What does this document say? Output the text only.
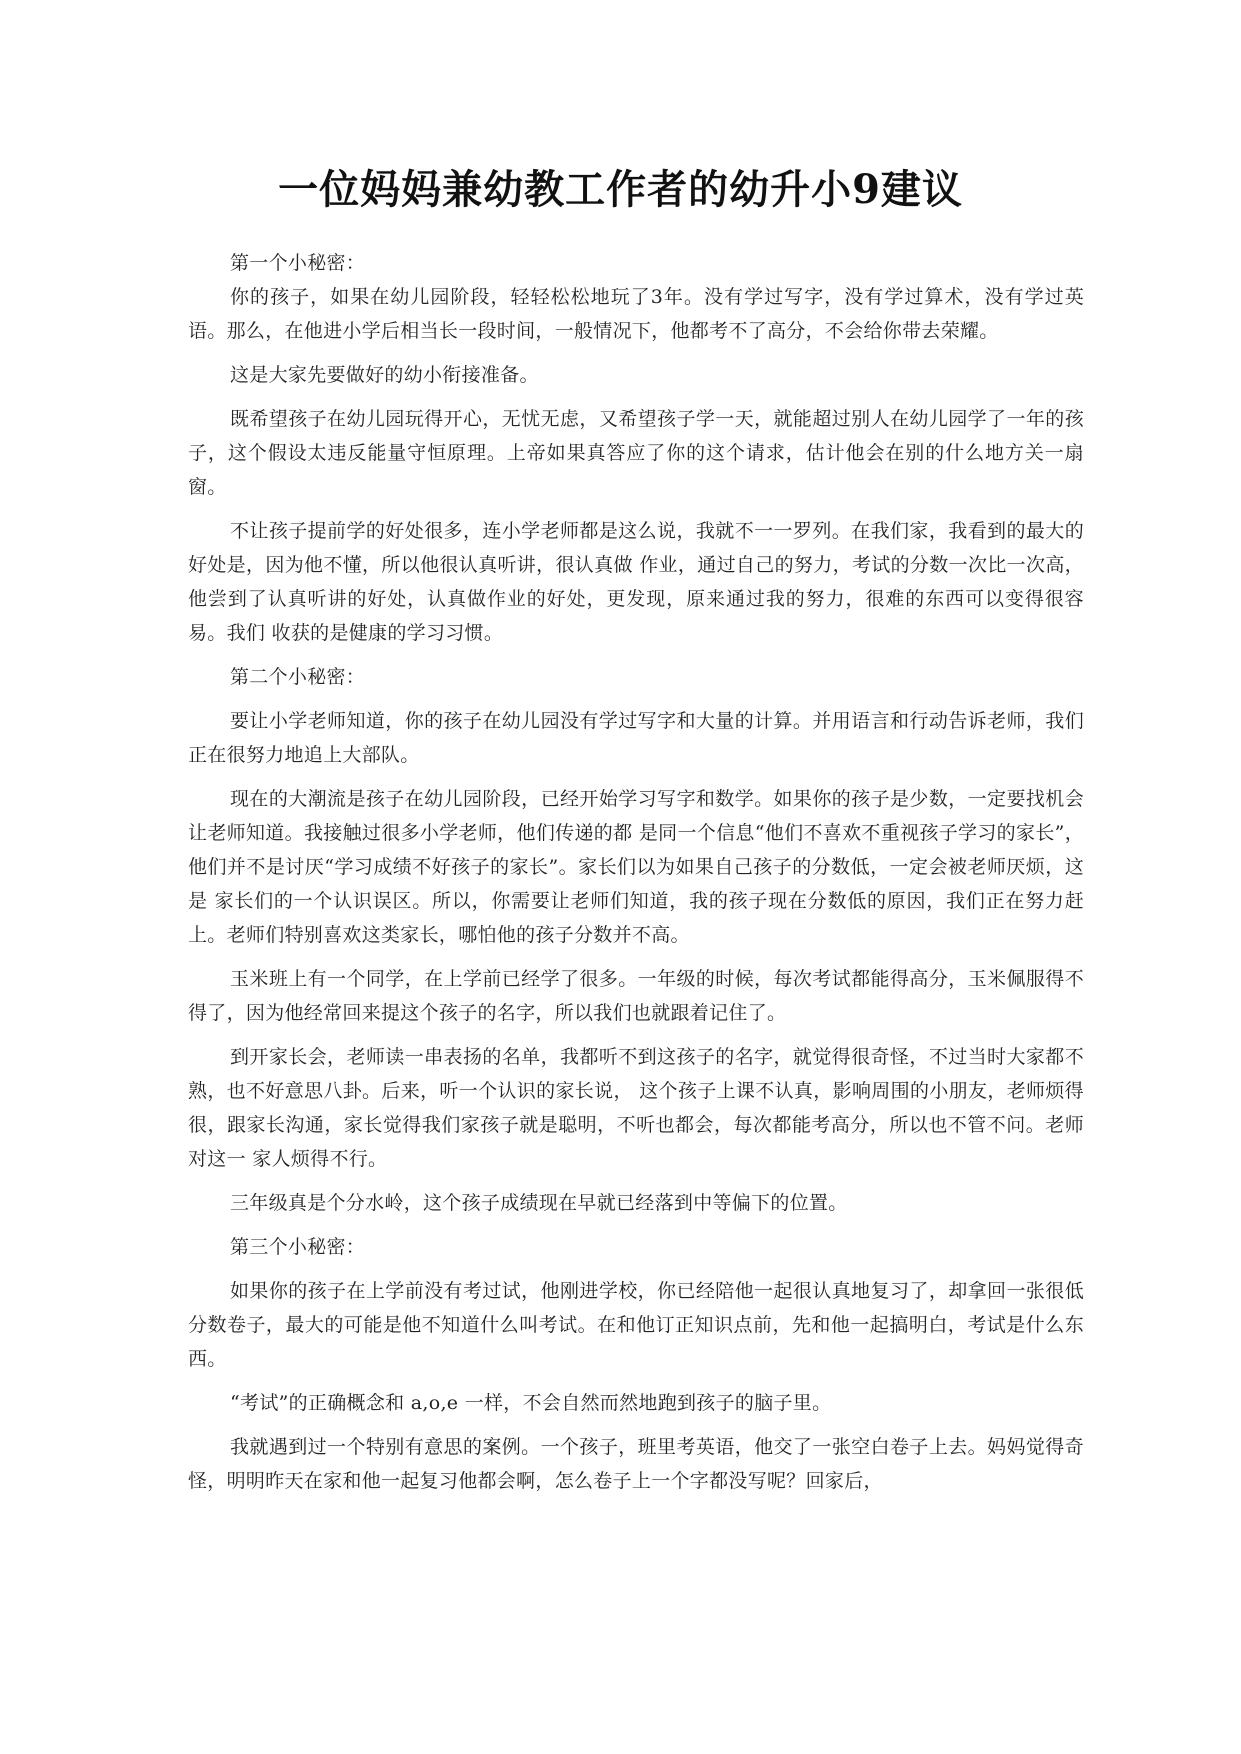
一位妈妈兼幼教工作者的幼升小9建议

第一个小秘密：

你的孩子，如果在幼儿园阶段，轻轻松松地玩了3年。没有学过写字，没有学过算术，没有学过英语。那么，在他进小学后相当长一段时间，一般情况下，他都考不了高分，不会给你带去荣耀。

这是大家先要做好的幼小衔接准备。

既希望孩子在幼儿园玩得开心，无忧无虑，又希望孩子学一天，就能超过别人在幼儿园学了一年的孩子，这个假设太违反能量守恒原理。上帝如果真答应了你的这个请求，估计他会在别的什么地方关一扇窗。

不让孩子提前学的好处很多，连小学老师都是这么说，我就不一一罗列。在我们家，我看到的最大的好处是，因为他不懂，所以他很认真听讲，很认真做 作业，通过自己的努力，考试的分数一次比一次高，他尝到了认真听讲的好处，认真做作业的好处，更发现，原来通过我的努力，很难的东西可以变得很容易。我们 收获的是健康的学习习惯。

第二个小秘密：

要让小学老师知道，你的孩子在幼儿园没有学过写字和大量的计算。并用语言和行动告诉老师，我们正在很努力地追上大部队。

现在的大潮流是孩子在幼儿园阶段，已经开始学习写字和数学。如果你的孩子是少数，一定要找机会让老师知道。我接触过很多小学老师，他们传递的都 是同一个信息“他们不喜欢不重视孩子学习的家长”，他们并不是讨厌“学习成绩不好孩子的家长”。家长们以为如果自己孩子的分数低，一定会被老师厌烦，这是 家长们的一个认识误区。所以，你需要让老师们知道，我的孩子现在分数低的原因，我们正在努力赶上。老师们特别喜欢这类家长，哪怕他的孩子分数并不高。

玉米班上有一个同学，在上学前已经学了很多。一年级的时候，每次考试都能得高分，玉米佩服得不得了，因为他经常回来提这个孩子的名字，所以我们也就跟着记住了。

到开家长会，老师读一串表扬的名单，我都听不到这孩子的名字，就觉得很奇怪，不过当时大家都不熟，也不好意思八卦。后来，听一个认识的家长说， 这个孩子上课不认真，影响周围的小朋友，老师烦得很，跟家长沟通，家长觉得我们家孩子就是聪明，不听也都会，每次都能考高分，所以也不管不问。老师对这一 家人烦得不行。

三年级真是个分水岭，这个孩子成绩现在早就已经落到中等偏下的位置。

第三个小秘密：

如果你的孩子在上学前没有考过试，他刚进学校，你已经陪他一起很认真地复习了，却拿回一张很低分数卷子，最大的可能是他不知道什么叫考试。在和他订正知识点前，先和他一起搞明白，考试是什么东西。

“考试”的正确概念和 a,o,e 一样，不会自然而然地跑到孩子的脑子里。

我就遇到过一个特别有意思的案例。一个孩子，班里考英语，他交了一张空白卷子上去。妈妈觉得奇怪，明明昨天在家和他一起复习他都会啊，怎么卷子上一个字都没写呢？回家后，
